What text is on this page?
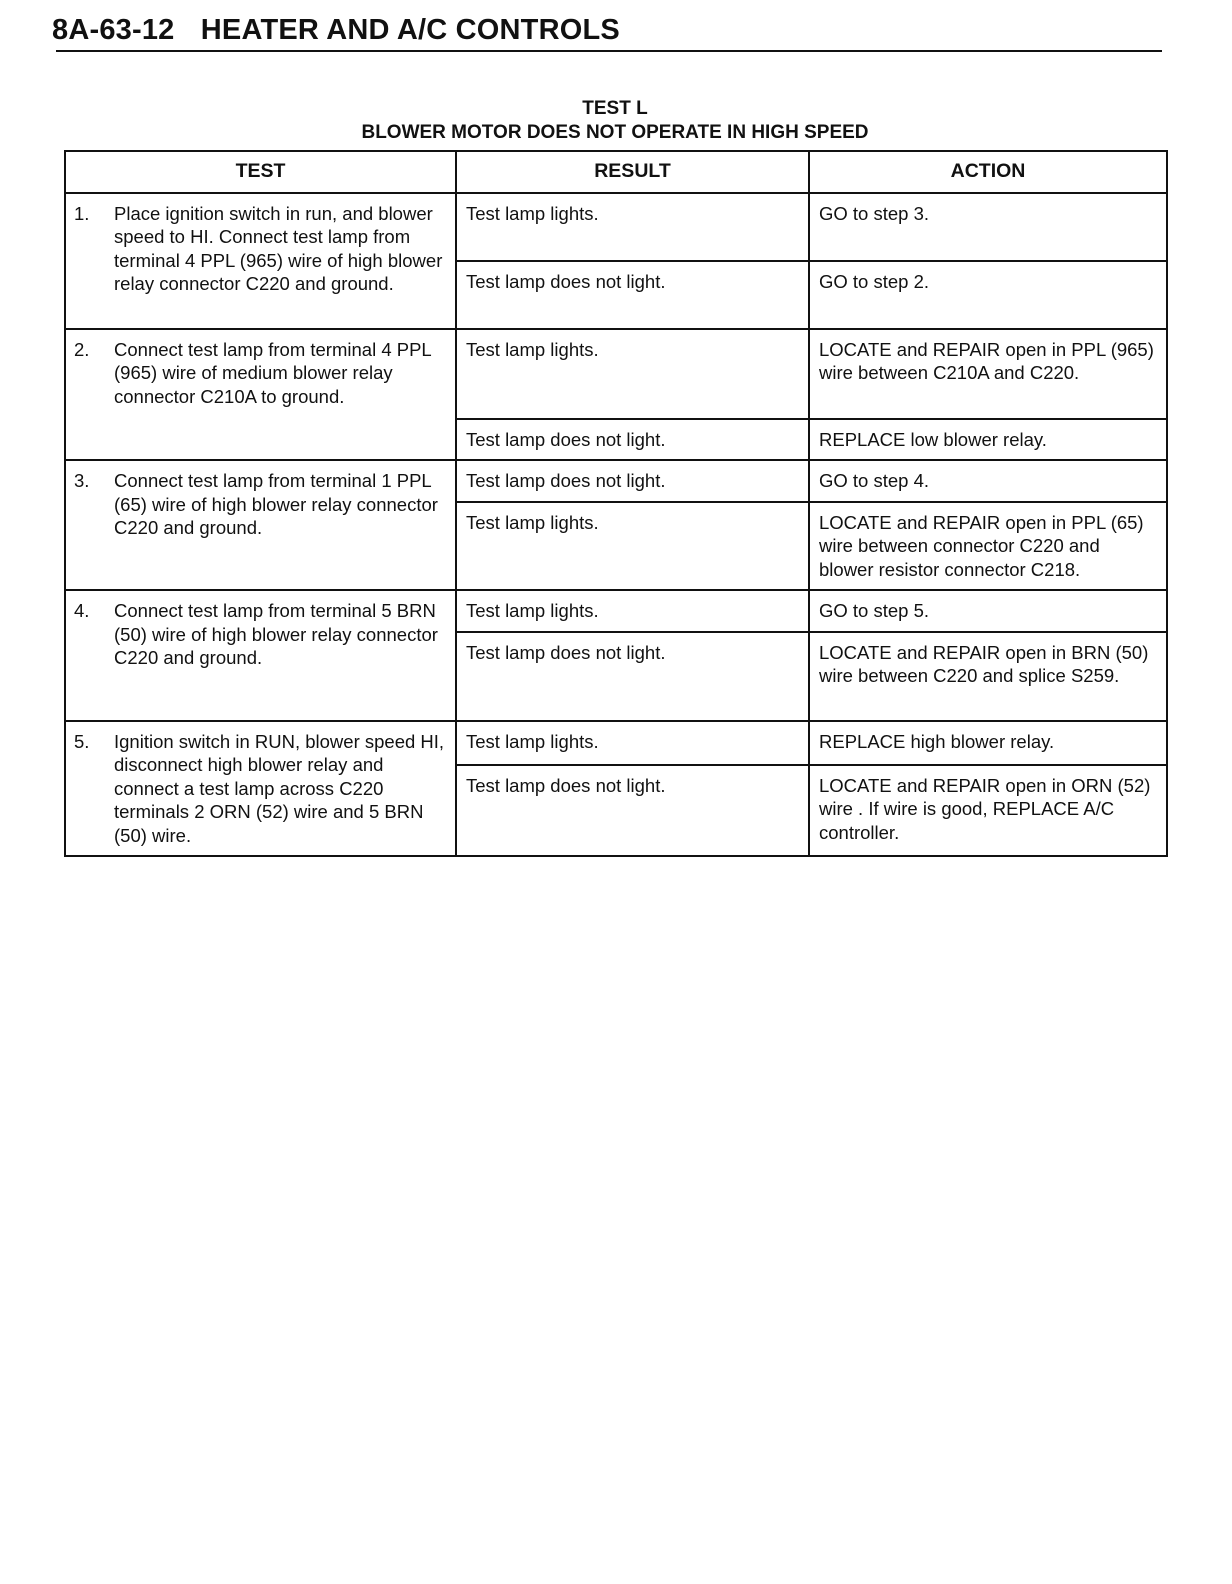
8A-63-12 HEATER AND A/C CONTROLS
TEST L
BLOWER MOTOR DOES NOT OPERATE IN HIGH SPEED
TEST	RESULT	ACTION

1. Place ignition switch in run, and blower speed to HI. Connect test lamp from terminal 4 PPL (965) wire of high blower relay connector C220 and ground.	Test lamp lights.	GO to step 3.
	Test lamp does not light.	GO to step 2.

2. Connect test lamp from terminal 4 PPL (965) wire of medium blower relay connector C210A to ground.	Test lamp lights.	LOCATE and REPAIR open in PPL (965) wire between C210A and C220.
	Test lamp does not light.	REPLACE low blower relay.

3. Connect test lamp from terminal 1 PPL (65) wire of high blower relay connector C220 and ground.	Test lamp does not light.	GO to step 4.
	Test lamp lights.	LOCATE and REPAIR open in PPL (65) wire between connector C220 and blower resistor connector C218.

4. Connect test lamp from terminal 5 BRN (50) wire of high blower relay connector C220 and ground.	Test lamp lights.	GO to step 5.
	Test lamp does not light.	LOCATE and REPAIR open in BRN (50) wire between C220 and splice S259.

5. Ignition switch in RUN, blower speed HI, disconnect high blower relay and connect a test lamp across C220 terminals 2 ORN (52) wire and 5 BRN (50) wire.	Test lamp lights.	REPLACE high blower relay.
	Test lamp does not light.	LOCATE and REPAIR open in ORN (52) wire . If wire is good, REPLACE A/C controller.
